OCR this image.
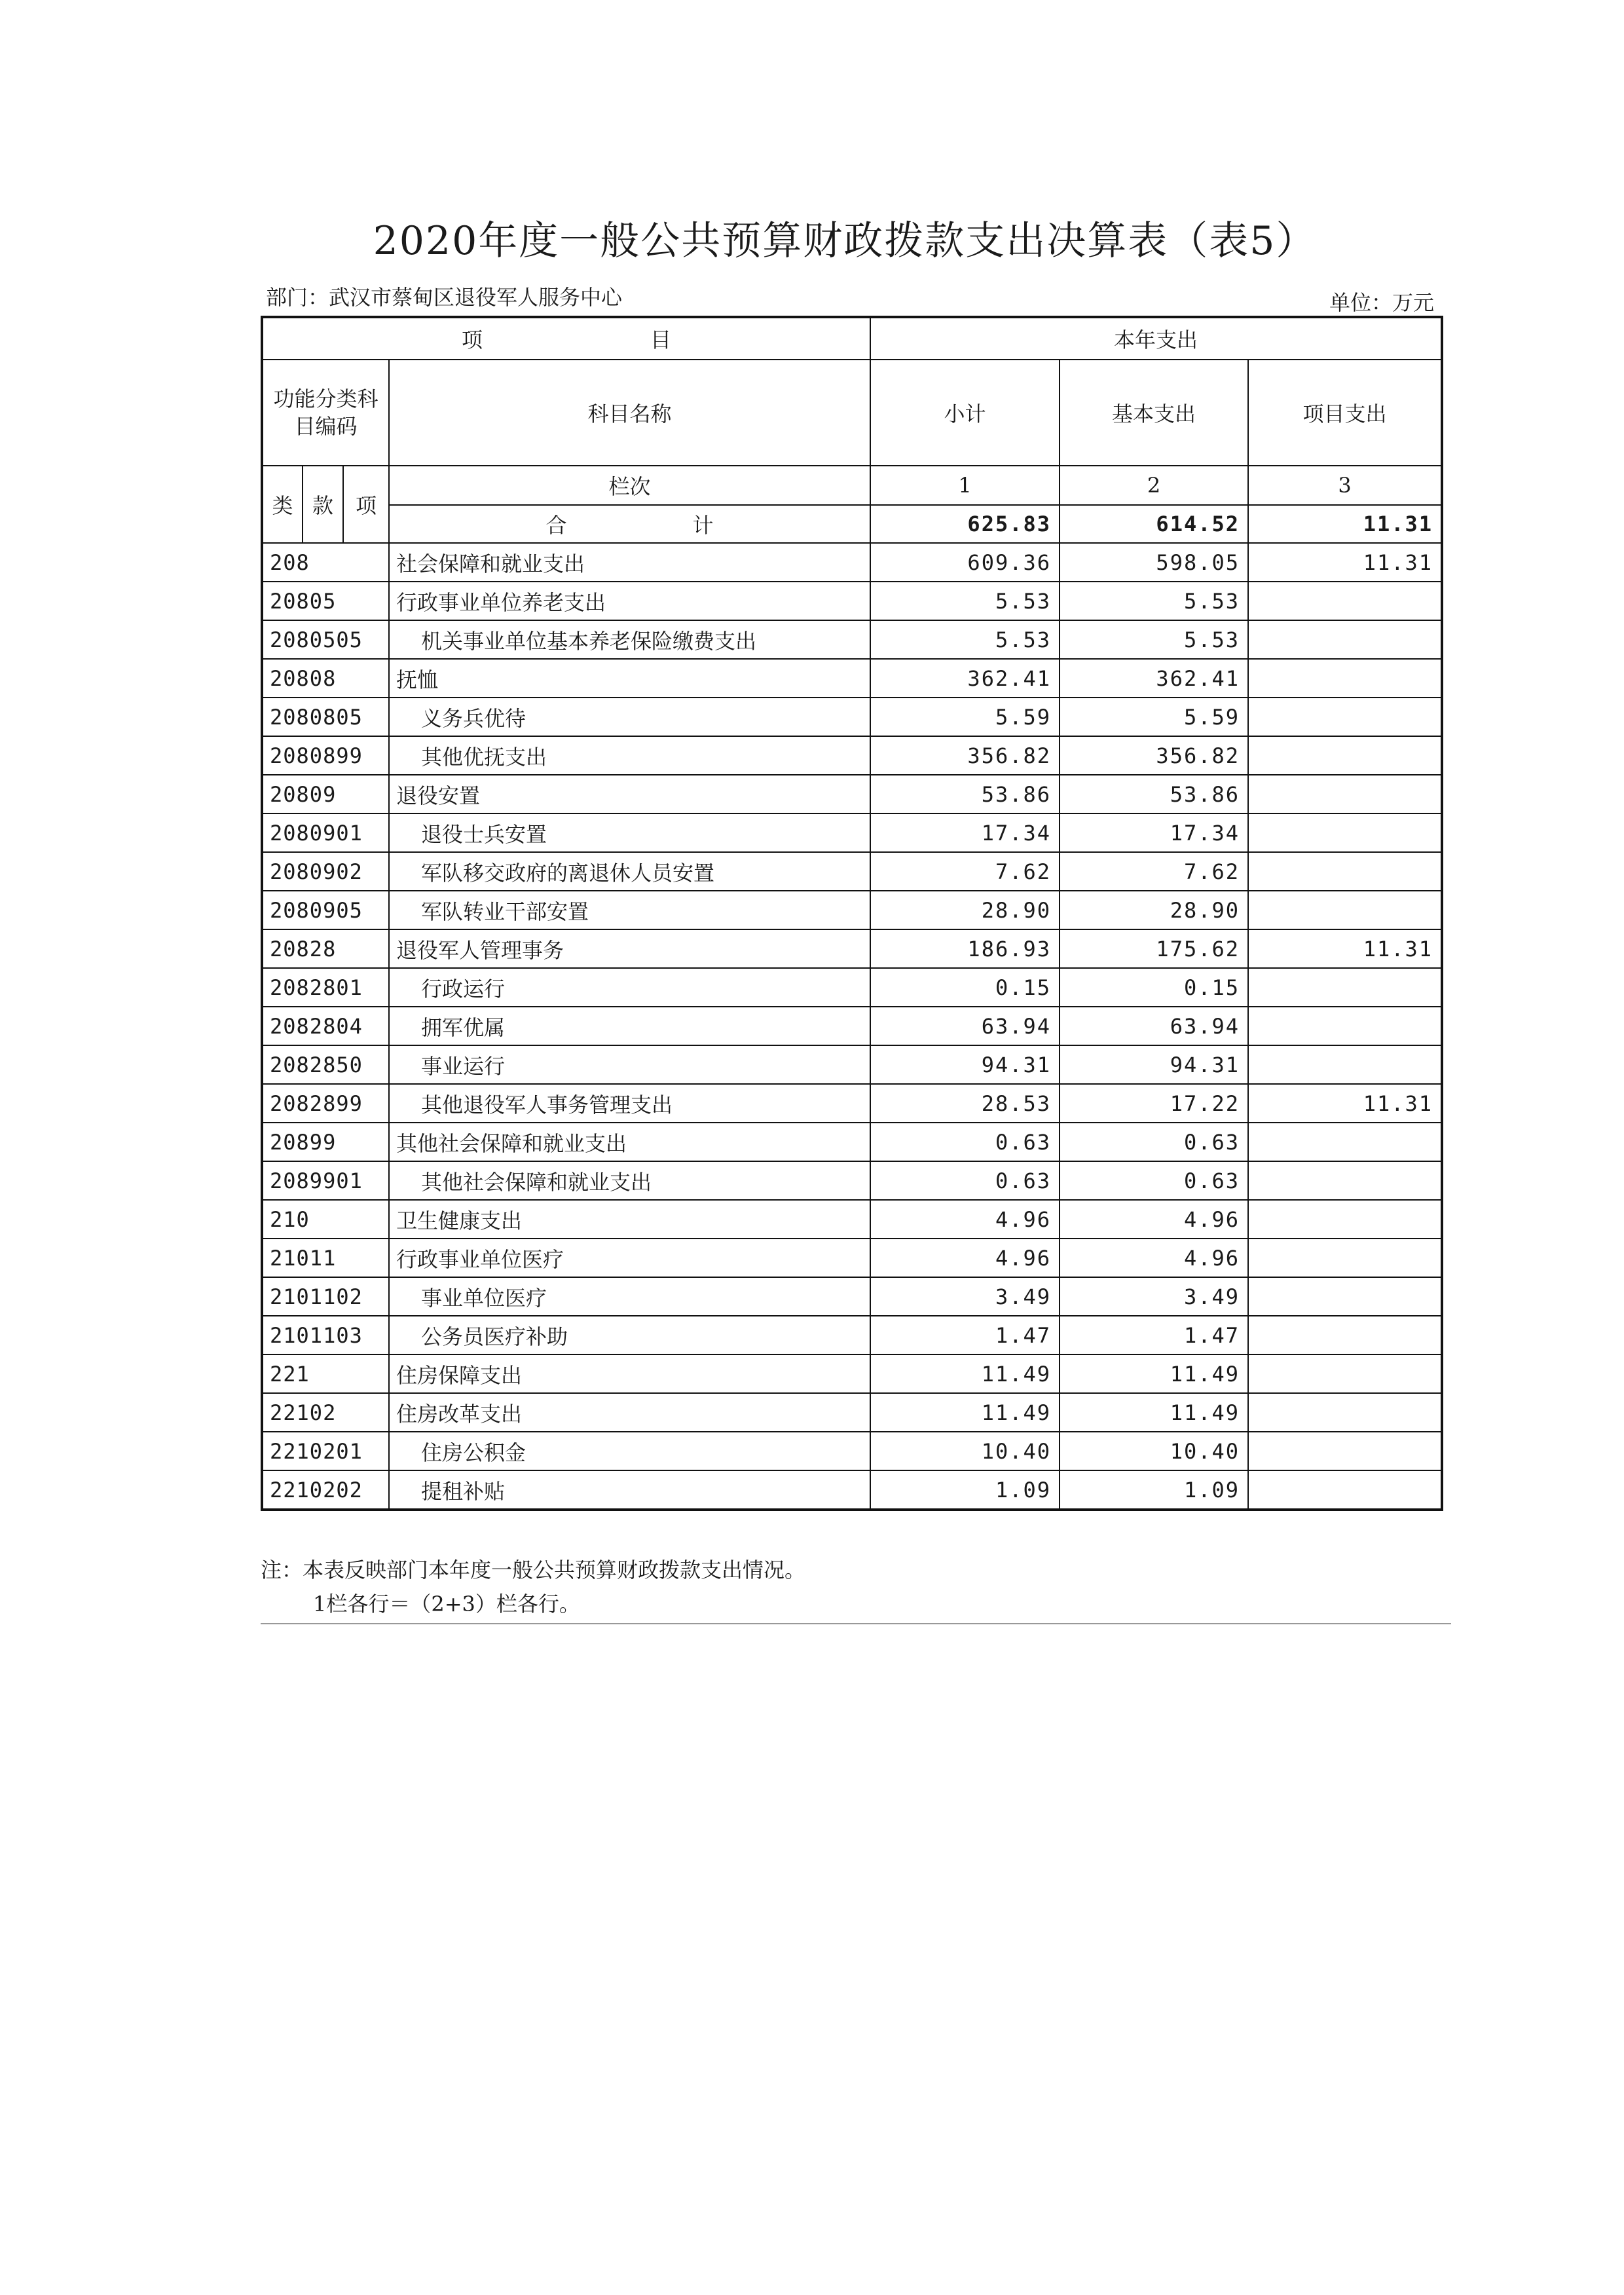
2020年度一般公共预算财政拨款支出决算表（表5）
部门：武汉市蔡甸区退役军人服务中心	单位：万元
项　　　　　　　　目				本年支出		
功能分类科目编码			科目名称	小计	基本支出	项目支出
类	款	项	栏次	1	2	3
			合　　　　　　计	625.83	614.52	11.31
208			社会保障和就业支出	609.36	598.05	11.31
20805			行政事业单位养老支出	5.53	5.53	
2080505			机关事业单位基本养老保险缴费支出	5.53	5.53	
20808			抚恤	362.41	362.41	
2080805			义务兵优待	5.59	5.59	
2080899			其他优抚支出	356.82	356.82	
20809			退役安置	53.86	53.86	
2080901			退役士兵安置	17.34	17.34	
2080902			军队移交政府的离退休人员安置	7.62	7.62	
2080905			军队转业干部安置	28.90	28.90	
20828			退役军人管理事务	186.93	175.62	11.31
2082801			行政运行	0.15	0.15	
2082804			拥军优属	63.94	63.94	
2082850			事业运行	94.31	94.31	
2082899			其他退役军人事务管理支出	28.53	17.22	11.31
20899			其他社会保障和就业支出	0.63	0.63	
2089901			其他社会保障和就业支出	0.63	0.63	
210			卫生健康支出	4.96	4.96	
21011			行政事业单位医疗	4.96	4.96	
2101102			事业单位医疗	3.49	3.49	
2101103			公务员医疗补助	1.47	1.47	
221			住房保障支出	11.49	11.49	
22102			住房改革支出	11.49	11.49	
2210201			住房公积金	10.40	10.40	
2210202			提租补贴	1.09	1.09	
注：本表反映部门本年度一般公共预算财政拨款支出情况。
1栏各行＝（2+3）栏各行。
